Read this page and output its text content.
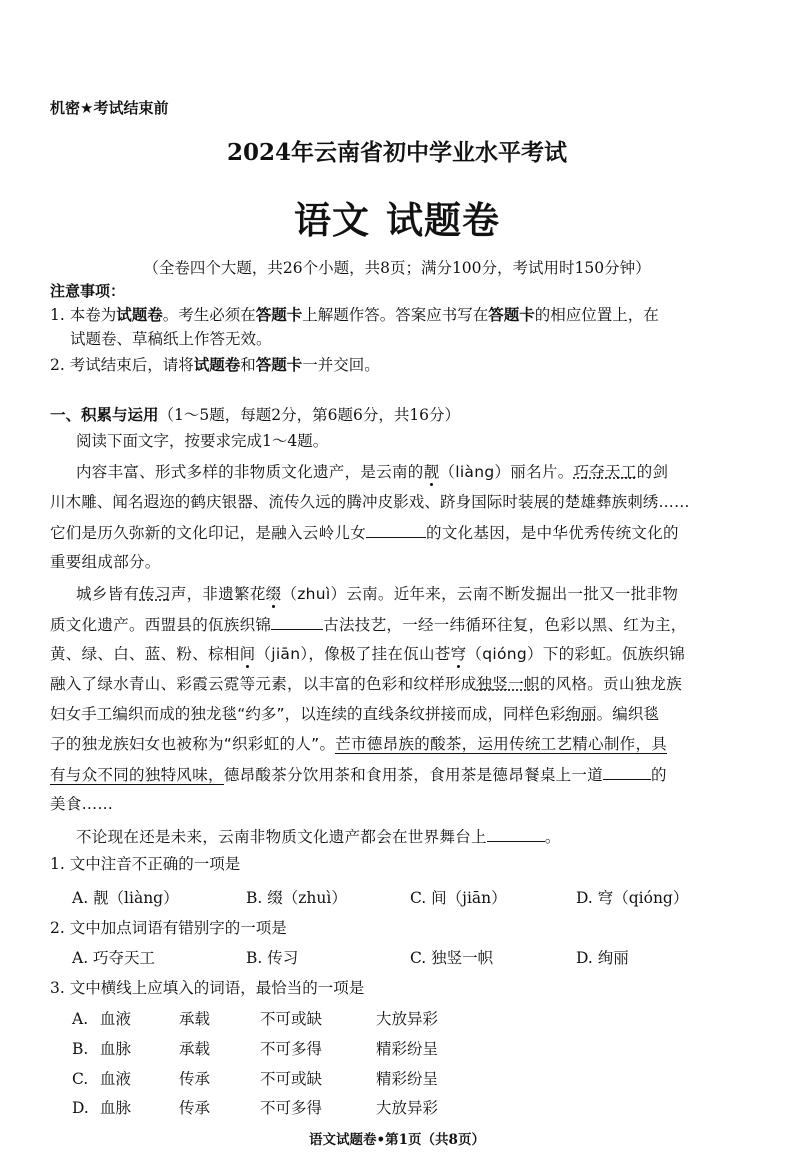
机密★考试结束前
2024年云南省初中学业水平考试
语文 试题卷
（全卷四个大题，共26个小题，共8页；满分100分，考试用时150分钟）
注意事项：
1. 本卷为试题卷。考生必须在答题卡上解题作答。答案应书写在答题卡的相应位置上，在
试题卷、草稿纸上作答无效。
2. 考试结束后，请将试题卷和答题卡一并交回。
一、积累与运用（1～5题，每题2分，第6题6分，共16分）
阅读下面文字，按要求完成1～4题。
内容丰富、形式多样的非物质文化遗产，是云南的靓（liàng）丽名片。巧夺天工的剑
川木雕、闻名遐迩的鹤庆银器、流传久远的腾冲皮影戏、跻身国际时装展的楚雄彝族刺绣……
它们是历久弥新的文化印记，是融入云岭儿女	的文化基因，是中华优秀传统文化的
重要组成部分。
城乡皆有传习声，非遗繁花缀（zhuì）云南。近年来，云南不断发掘出一批又一批非物
质文化遗产。西盟县的佤族织锦	古法技艺，一经一纬循环往复，色彩以黑、红为主，
黄、绿、白、蓝、粉、棕相间（jiān），像极了挂在佤山苍穹（qióng）下的彩虹。佤族织锦
融入了绿水青山、彩霞云霓等元素，以丰富的色彩和纹样形成独竖一帜的风格。贡山独龙族
妇女手工编织而成的独龙毯“约多”，以连续的直线条纹拼接而成，同样色彩绚丽。编织毯
子的独龙族妇女也被称为“织彩虹的人”。芒市德昂族的酸茶，运用传统工艺精心制作，具
有与众不同的独特风味，德昂酸茶分饮用茶和食用茶，食用茶是德昂餐桌上一道	的
美食……
不论现在还是未来，云南非物质文化遗产都会在世界舞台上	。
1. 文中注音不正确的一项是
A. 靓（liàng）	B. 缀（zhuì）	C. 间（jiān）	D. 穹（qióng）
2. 文中加点词语有错别字的一项是
A. 巧夺天工	B. 传习	C. 独竖一帜	D. 绚丽
3. 文中横线上应填入的词语，最恰当的一项是
A. 血液	承载	不可或缺	大放异彩
B. 血脉	承载	不可多得	精彩纷呈
C. 血液	传承	不可或缺	精彩纷呈
D. 血脉	传承	不可多得	大放异彩
语文试题卷•第1页（共8页）
